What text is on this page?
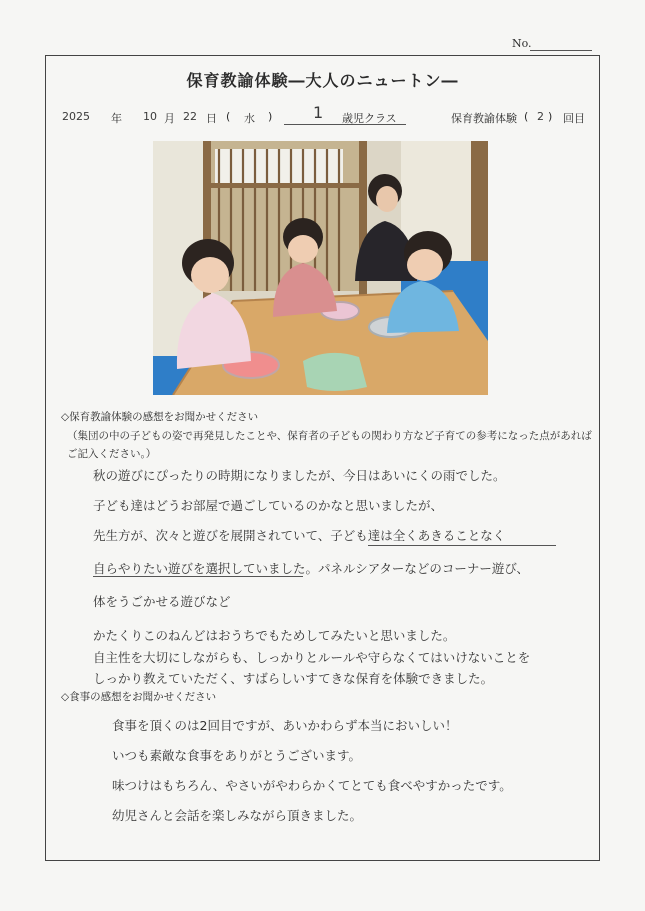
No.
保育教諭体験―大人のニュートン―
2025 年 10 月 22 日 ( 水 )	1 歳児クラス	保育教諭体験 ( 2 ) 回目
◇保育教諭体験の感想をお聞かせください
（集団の中の子どもの姿で再発見したことや、保育者の子どもの関わり方など子育ての参考になった点があれば
ご記入ください。）
秋の遊びにぴったりの時期になりましたが、今日はあいにくの雨でした。
子ども達はどうお部屋で過ごしているのかなと思いましたが、
先生方が、次々と遊びを展開されていて、子ども達は全くあきることなく
自らやりたい遊びを選択していました。パネルシアターなどのコーナー遊び、
体をうごかせる遊びなど
かたくりこのねんどはおうちでもためしてみたいと思いました。
自主性を大切にしながらも、しっかりとルールや守らなくてはいけないことを
しっかり教えていただく、すばらしいすてきな保育を体験できました。
◇食事の感想をお聞かせください
食事を頂くのは2回目ですが、あいかわらず本当においしい！
いつも素敵な食事をありがとうございます。
味つけはもちろん、やさいがやわらかくてとても食べやすかったです。
幼児さんと会話を楽しみながら頂きました。
